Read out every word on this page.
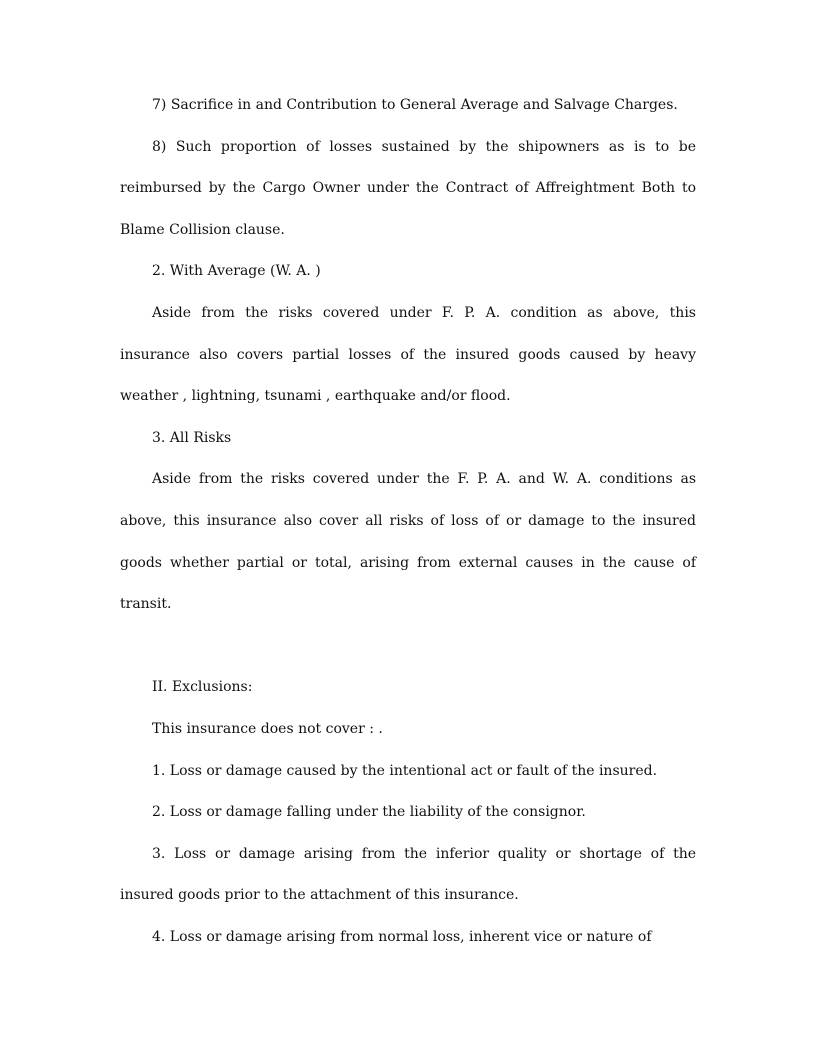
7) Sacrifice in and Contribution to General Average and Salvage Charges.

8) Such proportion of losses sustained by the shipowners as is to be reimbursed by the Cargo Owner under the Contract of Affreightment Both to Blame Collision clause.

2. With Average (W. A. )

Aside from the risks covered under F. P. A. condition as above, this insurance also covers partial losses of the insured goods caused by heavy weather , lightning, tsunami , earthquake and/or flood.

3. All Risks

Aside from the risks covered under the F. P. A. and W. A. conditions as above, this insurance also cover all risks of loss of or damage to the insured goods whether partial or total, arising from external causes in the cause of transit.

II. Exclusions:

This insurance does not cover : .

1. Loss or damage caused by the intentional act or fault of the insured.

2. Loss or damage falling under the liability of the consignor.

3. Loss or damage arising from the inferior quality or shortage of the insured goods prior to the attachment of this insurance.

4. Loss or damage arising from normal loss, inherent vice or nature of
